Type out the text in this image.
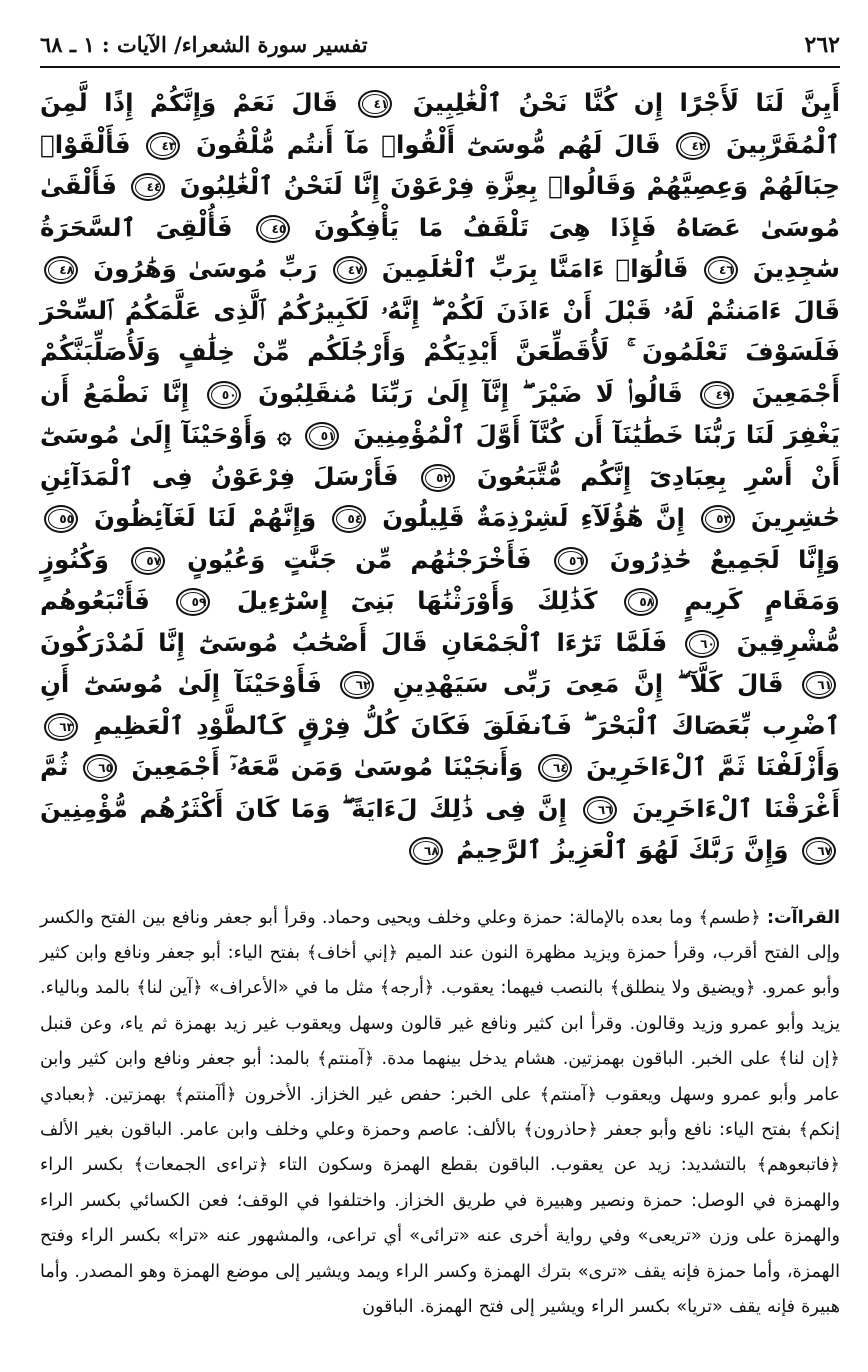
٢٦٢
تفسير سورة الشعراء/ الآيات : ١ ـ ٦٨
أَيِنَّ لَنَا لَأَجْرًا إِن كُنَّا نَحْنُ ٱلْغَٰلِبِينَ ٤١ قَالَ نَعَمْ وَإِنَّكُمْ إِذًا لَّمِنَ ٱلْمُقَرَّبِينَ ٤٢ قَالَ لَهُم مُّوسَىٰٓ أَلْقُوا۟ مَآ أَنتُم مُّلْقُونَ ٤٣ فَأَلْقَوْا۟ حِبَالَهُمْ وَعِصِيَّهُمْ وَقَالُوا۟ بِعِزَّةِ فِرْعَوْنَ إِنَّا لَنَحْنُ ٱلْغَٰلِبُونَ ٤٤ فَأَلْقَىٰ مُوسَىٰ عَصَاهُ فَإِذَا هِىَ تَلْقَفُ مَا يَأْفِكُونَ ٤٥ فَأُلْقِىَ ٱلسَّحَرَةُ سَٰجِدِينَ ٤٦ قَالُوٓا۟ ءَامَنَّا بِرَبِّ ٱلْعَٰلَمِينَ ٤٧ رَبِّ مُوسَىٰ وَهَٰرُونَ ٤٨ قَالَ ءَامَنتُمْ لَهُۥ قَبْلَ أَنْ ءَاذَنَ لَكُمْ ۖ إِنَّهُۥ لَكَبِيرُكُمُ ٱلَّذِى عَلَّمَكُمُ ٱلسِّحْرَ فَلَسَوْفَ تَعْلَمُونَ ۚ لَأُقَطِّعَنَّ أَيْدِيَكُمْ وَأَرْجُلَكُم مِّنْ خِلَٰفٍ وَلَأُصَلِّبَنَّكُمْ أَجْمَعِينَ ٤٩ قَالُوا۟ لَا ضَيْرَ ۖ إِنَّآ إِلَىٰ رَبِّنَا مُنقَلِبُونَ ٥٠ إِنَّا نَطْمَعُ أَن يَغْفِرَ لَنَا رَبُّنَا خَطَٰيَٰنَآ أَن كُنَّآ أَوَّلَ ٱلْمُؤْمِنِينَ ٥١ ۞ وَأَوْحَيْنَآ إِلَىٰ مُوسَىٰٓ أَنْ أَسْرِ بِعِبَادِىٓ إِنَّكُم مُّتَّبَعُونَ ٥٢ فَأَرْسَلَ فِرْعَوْنُ فِى ٱلْمَدَآئِنِ حَٰشِرِينَ ٥٣ إِنَّ هَٰٓؤُلَآءِ لَشِرْذِمَةٌ قَلِيلُونَ ٥٤ وَإِنَّهُمْ لَنَا لَغَآئِظُونَ ٥٥ وَإِنَّا لَجَمِيعٌ حَٰذِرُونَ ٥٦ فَأَخْرَجْنَٰهُم مِّن جَنَّٰتٍ وَعُيُونٍ ٥٧ وَكُنُوزٍ وَمَقَامٍ كَرِيمٍ ٥٨ كَذَٰلِكَ وَأَوْرَثْنَٰهَا بَنِىٓ إِسْرَٰٓءِيلَ ٥٩ فَأَتْبَعُوهُم مُّشْرِقِينَ ٦٠ فَلَمَّا تَرَٰٓءَا ٱلْجَمْعَانِ قَالَ أَصْحَٰبُ مُوسَىٰٓ إِنَّا لَمُدْرَكُونَ ٦١ قَالَ كَلَّآ ۖ إِنَّ مَعِىَ رَبِّى سَيَهْدِينِ ٦٢ فَأَوْحَيْنَآ إِلَىٰ مُوسَىٰٓ أَنِ ٱضْرِب بِّعَصَاكَ ٱلْبَحْرَ ۖ فَٱنفَلَقَ فَكَانَ كُلُّ فِرْقٍ كَٱلطَّوْدِ ٱلْعَظِيمِ ٦٣ وَأَزْلَفْنَا ثَمَّ ٱلْءَاخَرِينَ ٦٤ وَأَنجَيْنَا مُوسَىٰ وَمَن مَّعَهُۥٓ أَجْمَعِينَ ٦٥ ثُمَّ أَغْرَقْنَا ٱلْءَاخَرِينَ ٦٦ إِنَّ فِى ذَٰلِكَ لَءَايَةً ۖ وَمَا كَانَ أَكْثَرُهُم مُّؤْمِنِينَ ٦٧ وَإِنَّ رَبَّكَ لَهُوَ ٱلْعَزِيزُ ٱلرَّحِيمُ ٦٨
القراآت: ﴿طسم﴾ وما بعده بالإمالة: حمزة وعلي وخلف ويحيى وحماد. وقرأ أبو جعفر ونافع بين الفتح والكسر وإلى الفتح أقرب، وقرأ حمزة ويزيد مظهرة النون عند الميم ﴿إني أخاف﴾ بفتح الياء: أبو جعفر ونافع وابن كثير وأبو عمرو. ﴿ويضيق ولا ينطلق﴾ بالنصب فيهما: يعقوب. ﴿أرجه﴾ مثل ما في «الأعراف» ﴿آين لنا﴾ بالمد وبالياء. يزيد وأبو عمرو وزيد وقالون. وقرأ ابن كثير ونافع غير قالون وسهل ويعقوب غير زيد بهمزة ثم ياء، وعن قنبل ﴿إن لنا﴾ على الخبر. الباقون بهمزتين. هشام يدخل بينهما مدة. ﴿آمنتم﴾ بالمد: أبو جعفر ونافع وابن كثير وابن عامر وأبو عمرو وسهل ويعقوب ﴿آمنتم﴾ على الخبر: حفص غير الخزاز. الأخرون ﴿أآمنتم﴾ بهمزتين. ﴿بعبادي إنكم﴾ بفتح الياء: نافع وأبو جعفر ﴿حاذرون﴾ بالألف: عاصم وحمزة وعلي وخلف وابن عامر. الباقون بغير الألف ﴿فاتبعوهم﴾ بالتشديد: زيد عن يعقوب. الباقون بقطع الهمزة وسكون التاء ﴿تراءى الجمعات﴾ بكسر الراء والهمزة في الوصل: حمزة ونصير وهبيرة في طريق الخزاز. واختلفوا في الوقف؛ فعن الكسائي بكسر الراء والهمزة على وزن «تريعى» وفي رواية أخرى عنه «ترائى» أي تراعى، والمشهور عنه «ترا» بكسر الراء وفتح الهمزة، وأما حمزة فإنه يقف «ترى» بترك الهمزة وكسر الراء ويمد ويشير إلى موضع الهمزة وهو المصدر. وأما هبيرة فإنه يقف «تريا» بكسر الراء ويشير إلى فتح الهمزة. الباقون
